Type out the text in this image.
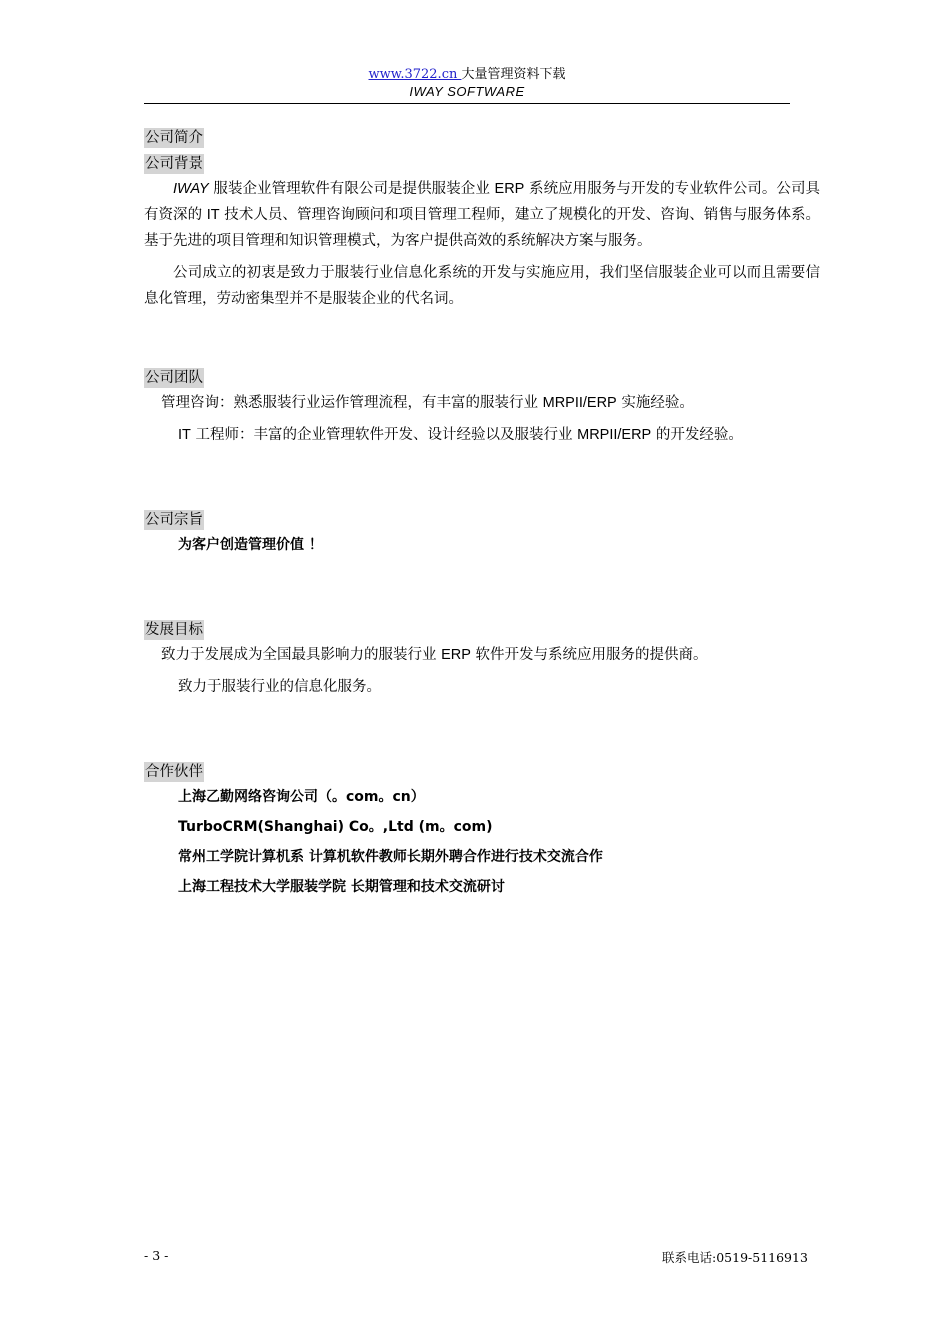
www.3722.cn 大量管理资料下载
IWAY SOFTWARE
公司简介
公司背景

IWAY 服装企业管理软件有限公司是提供服装企业 ERP 系统应用服务与开发的专业软件公司。公司具有资深的 IT 技术人员、管理咨询顾问和项目管理工程师，建立了规模化的开发、咨询、销售与服务体系。基于先进的项目管理和知识管理模式，为客户提供高效的系统解决方案与服务。

公司成立的初衷是致力于服装行业信息化系统的开发与实施应用，我们坚信服装企业可以而且需要信息化管理，劳动密集型并不是服装企业的代名词。

公司团队
管理咨询：熟悉服装行业运作管理流程，有丰富的服装行业 MRPII/ERP 实施经验。
IT 工程师：丰富的企业管理软件开发、设计经验以及服装行业 MRPII/ERP 的开发经验。
公司宗旨
为客户创造管理价值 ！
发展目标
致力于发展成为全国最具影响力的服装行业 ERP 软件开发与系统应用服务的提供商。
致力于服装行业的信息化服务。
合作伙伴
上海乙勤网络咨询公司（。com。cn）
TurboCRM(Shanghai) Co。,Ltd (m。com)
常州工学院计算机系 计算机软件教师长期外聘合作进行技术交流合作
上海工程技术大学服装学院 长期管理和技术交流研讨
- 3 -	联系电话:0519-5116913
